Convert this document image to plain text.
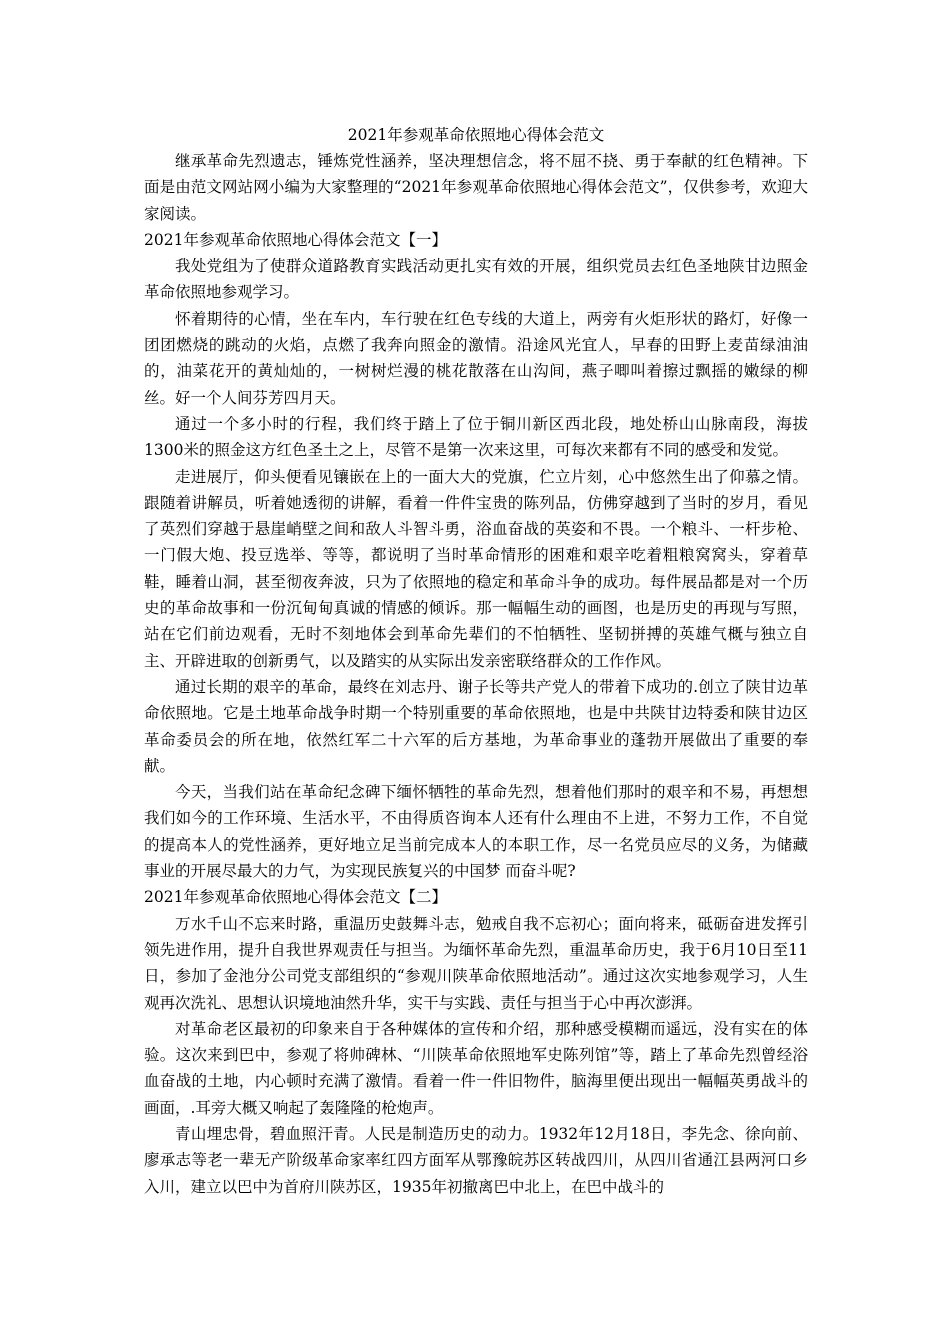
2021年参观革命依照地心得体会范文

继承革命先烈遗志，锤炼党性涵养，坚决理想信念，将不屈不挠、勇于奉献的红色精神。下面是由范文网站网小编为大家整理的“2021年参观革命依照地心得体会范文”，仅供参考，欢迎大家阅读。

2021年参观革命依照地心得体会范文【一】

我处党组为了使群众道路教育实践活动更扎实有效的开展，组织党员去红色圣地陕甘边照金革命依照地参观学习。

怀着期待的心情，坐在车内，车行驶在红色专线的大道上，两旁有火炬形状的路灯，好像一团团燃烧的跳动的火焰，点燃了我奔向照金的激情。沿途风光宜人，早春的田野上麦苗绿油油的，油菜花开的黄灿灿的，一树树烂漫的桃花散落在山沟间，燕子唧叫着擦过飘摇的嫩绿的柳丝。好一个人间芬芳四月天。

通过一个多小时的行程，我们终于踏上了位于铜川新区西北段，地处桥山山脉南段，海拔1300米的照金这方红色圣土之上，尽管不是第一次来这里，可每次来都有不同的感受和发觉。

走进展厅，仰头便看见镶嵌在上的一面大大的党旗，伫立片刻，心中悠然生出了仰慕之情。跟随着讲解员，听着她透彻的讲解，看着一件件宝贵的陈列品，仿佛穿越到了当时的岁月，看见了英烈们穿越于悬崖峭壁之间和敌人斗智斗勇，浴血奋战的英姿和不畏。一个粮斗、一杆步枪、一门假大炮、投豆选举、等等，都说明了当时革命情形的困难和艰辛吃着粗粮窝窝头，穿着草鞋，睡着山洞，甚至彻夜奔波，只为了依照地的稳定和革命斗争的成功。每件展品都是对一个历史的革命故事和一份沉甸甸真诚的情感的倾诉。那一幅幅生动的画图，也是历史的再现与写照，站在它们前边观看，无时不刻地体会到革命先辈们的不怕牺牲、坚韧拼搏的英雄气概与独立自主、开辟进取的创新勇气，以及踏实的从实际出发亲密联络群众的工作作风。

通过长期的艰辛的革命，最终在刘志丹、谢子长等共产党人的带着下成功的.创立了陕甘边革命依照地。它是土地革命战争时期一个特别重要的革命依照地，也是中共陕甘边特委和陕甘边区革命委员会的所在地，依然红军二十六军的后方基地，为革命事业的蓬勃开展做出了重要的奉献。

今天，当我们站在革命纪念碑下缅怀牺牲的革命先烈，想着他们那时的艰辛和不易，再想想我们如今的工作环境、生活水平，不由得质咨询本人还有什么理由不上进，不努力工作，不自觉的提高本人的党性涵养，更好地立足当前完成本人的本职工作，尽一名党员应尽的义务，为储藏事业的开展尽最大的力气，为实现民族复兴的中国梦 而奋斗呢?

2021年参观革命依照地心得体会范文【二】

万水千山不忘来时路，重温历史鼓舞斗志，勉戒自我不忘初心；面向将来，砥砺奋进发挥引领先进作用，提升自我世界观责任与担当。为缅怀革命先烈，重温革命历史，我于6月10日至11日，参加了金池分公司党支部组织的“参观川陕革命依照地活动”。通过这次实地参观学习，人生观再次洗礼、思想认识境地油然升华，实干与实践、责任与担当于心中再次澎湃。

对革命老区最初的印象来自于各种媒体的宣传和介绍，那种感受模糊而遥远，没有实在的体验。这次来到巴中，参观了将帅碑林、“川陕革命依照地军史陈列馆”等，踏上了革命先烈曾经浴血奋战的土地，内心顿时充满了激情。看着一件一件旧物件，脑海里便出现出一幅幅英勇战斗的画面，.耳旁大概又响起了轰隆隆的枪炮声。

青山埋忠骨，碧血照汗青。人民是制造历史的动力。1932年12月18日，李先念、徐向前、廖承志等老一辈无产阶级革命家率红四方面军从鄂豫皖苏区转战四川，从四川省通江县两河口乡入川，建立以巴中为首府川陕苏区，1935年初撤离巴中北上，在巴中战斗的
